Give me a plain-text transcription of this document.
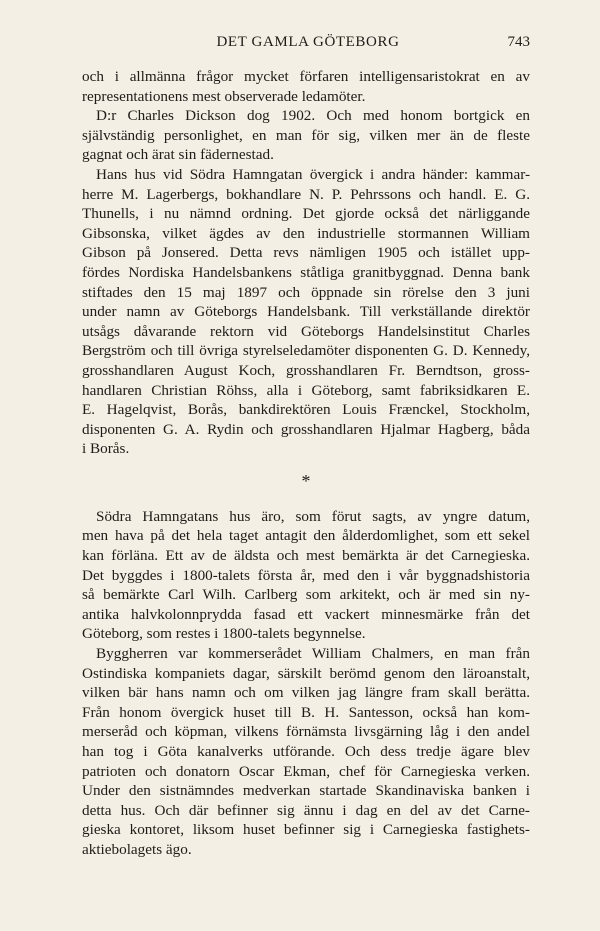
DET GAMLA GÖTEBORG	743
och i allmänna frågor mycket förfaren intelligensaristokrat en av
representationens mest observerade ledamöter.
D:r Charles Dickson dog 1902. Och med honom bortgick en
självständig personlighet, en man för sig, vilken mer än de fleste
gagnat och ärat sin fädernestad.
Hans hus vid Södra Hamngatan övergick i andra händer: kammar-
herre M. Lagerbergs, bokhandlare N. P. Pehrssons och handl. E. G.
Thunells, i nu nämnd ordning. Det gjorde också det närliggande
Gibsonska, vilket ägdes av den industrielle stormannen William
Gibson på Jonsered. Detta revs nämligen 1905 och istället upp-
fördes Nordiska Handelsbankens ståtliga granitbyggnad. Denna bank
stiftades den 15 maj 1897 och öppnade sin rörelse den 3 juni
under namn av Göteborgs Handelsbank. Till verkställande direktör
utsågs dåvarande rektorn vid Göteborgs Handelsinstitut Charles
Bergström och till övriga styrelseledamöter disponenten G. D. Kennedy,
grosshandlaren August Koch, grosshandlaren Fr. Berndtson, gross-
handlaren Christian Röhss, alla i Göteborg, samt fabriksidkaren E.
E. Hagelqvist, Borås, bankdirektören Louis Frænckel, Stockholm,
disponenten G. A. Rydin och grosshandlaren Hjalmar Hagberg, båda
i Borås.
*
Södra Hamngatans hus äro, som förut sagts, av yngre datum,
men hava på det hela taget antagit den ålderdomlighet, som ett sekel
kan förläna. Ett av de äldsta och mest bemärkta är det Carnegieska.
Det byggdes i 1800-talets första år, med den i vår byggnadshistoria
så bemärkte Carl Wilh. Carlberg som arkitekt, och är med sin ny-
antika halvkolonnprydda fasad ett vackert minnesmärke från det
Göteborg, som restes i 1800-talets begynnelse.
Byggherren var kommerserådet William Chalmers, en man från
Ostindiska kompaniets dagar, särskilt berömd genom den läroanstalt,
vilken bär hans namn och om vilken jag längre fram skall berätta.
Från honom övergick huset till B. H. Santesson, också han kom-
merseråd och köpman, vilkens förnämsta livsgärning låg i den andel
han tog i Göta kanalverks utförande. Och dess tredje ägare blev
patrioten och donatorn Oscar Ekman, chef för Carnegieska verken.
Under den sistnämndes medverkan startade Skandinaviska banken i
detta hus. Och där befinner sig ännu i dag en del av det Carne-
gieska kontoret, liksom huset befinner sig i Carnegieska fastighets-
aktiebolagets ägo.
